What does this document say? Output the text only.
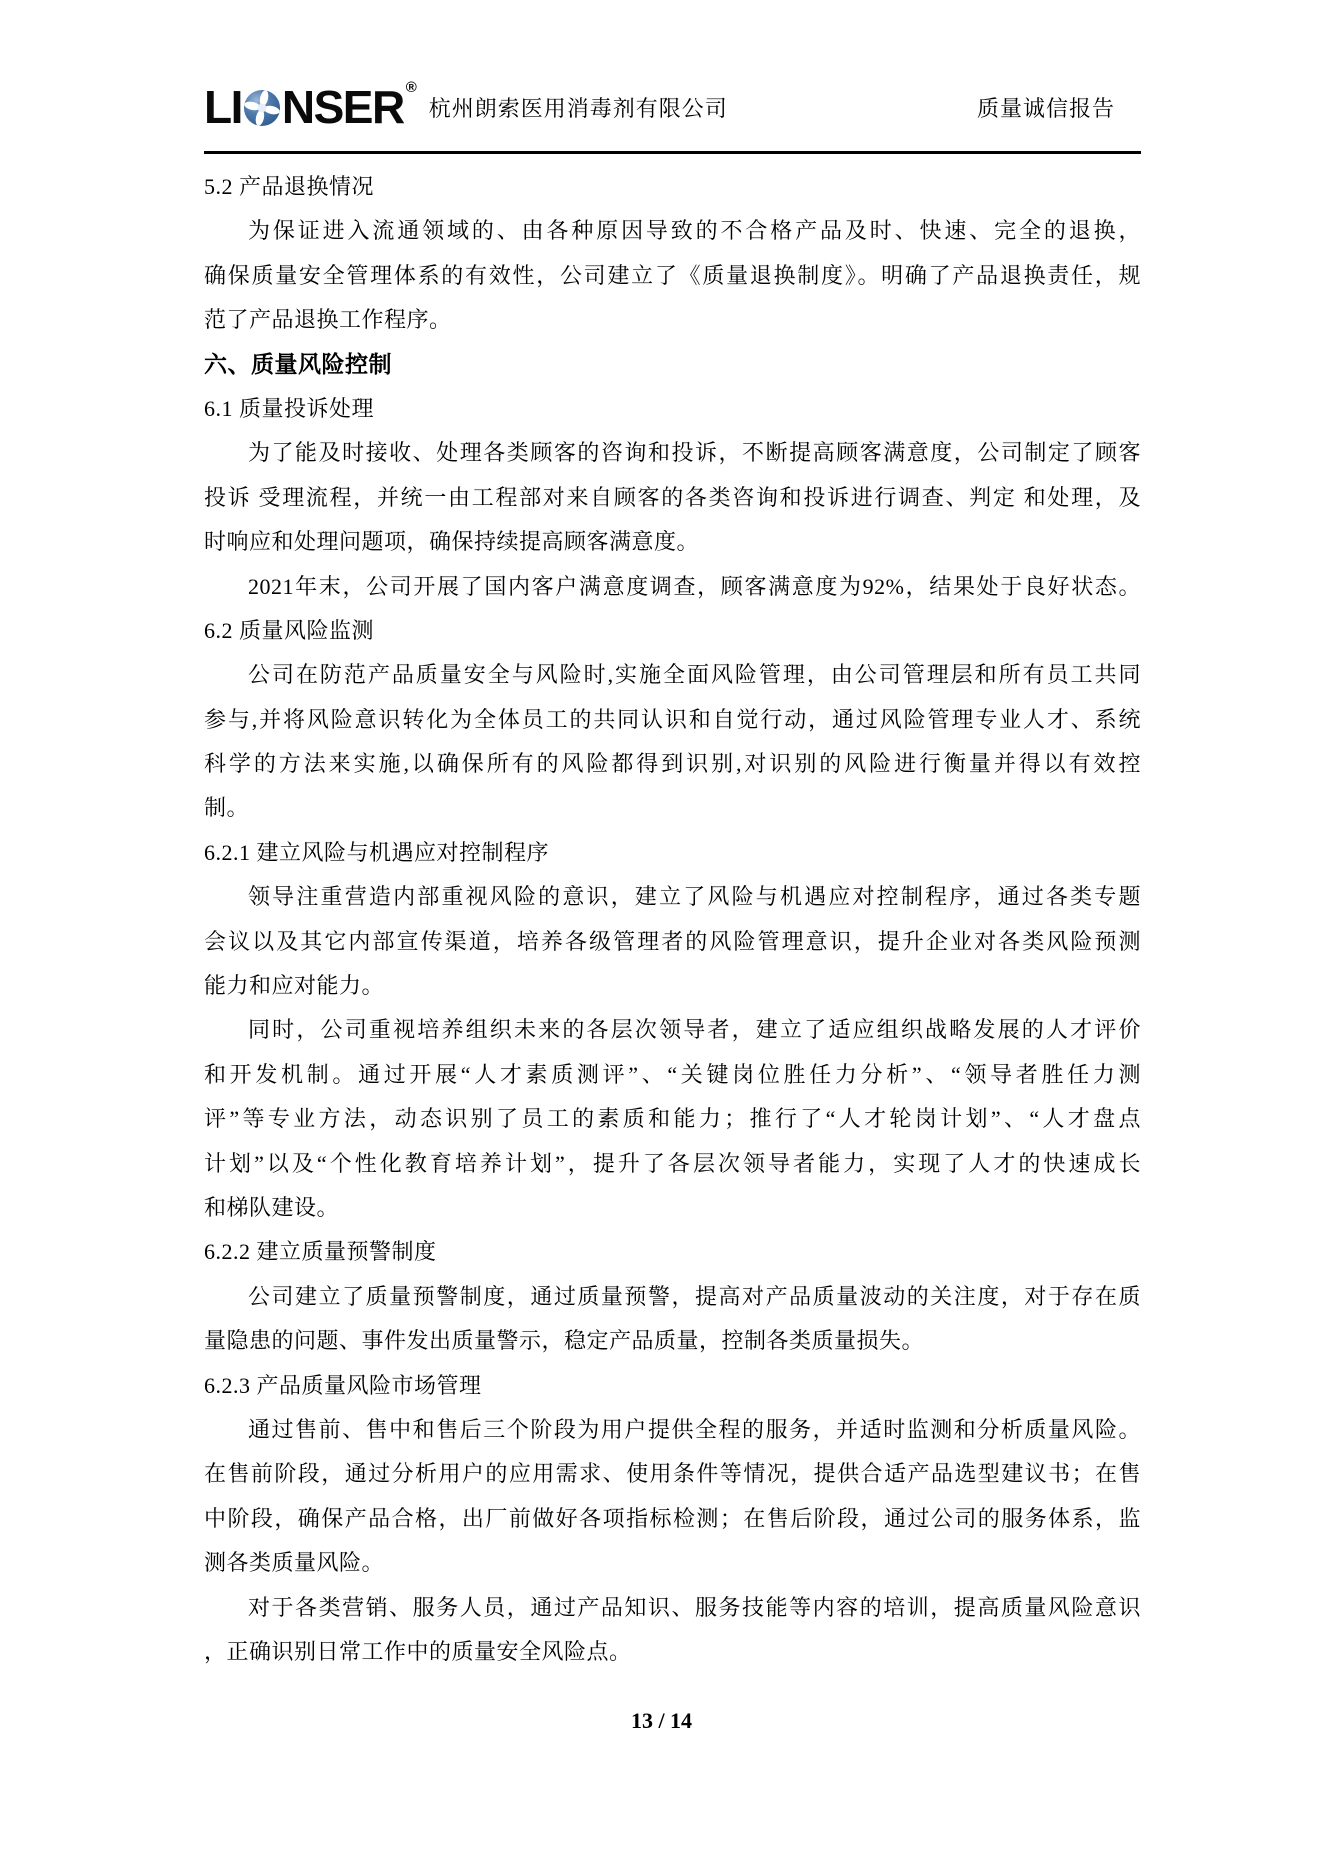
LI NSER ®
杭州朗索医用消毒剂有限公司	质量诚信报告
5.2 产品退换情况
为保证进入流通领域的、由各种原因导致的不合格产品及时、快速、完全的退换，
确保质量安全管理体系的有效性，公司建立了《质量退换制度》。明确了产品退换责任，规
范了产品退换工作程序。
六、质量风险控制
6.1 质量投诉处理
为了能及时接收、处理各类顾客的咨询和投诉，不断提高顾客满意度，公司制定了顾客
投诉 受理流程，并统一由工程部对来自顾客的各类咨询和投诉进行调查、判定 和处理，及
时响应和处理问题项，确保持续提高顾客满意度。
2021年末，公司开展了国内客户满意度调查，顾客满意度为92%，结果处于良好状态。
6.2 质量风险监测
公司在防范产品质量安全与风险时,实施全面风险管理，由公司管理层和所有员工共同
参与,并将风险意识转化为全体员工的共同认识和自觉行动，通过风险管理专业人才、系统
科学的方法来实施,以确保所有的风险都得到识别,对识别的风险进行衡量并得以有效控
制。
6.2.1 建立风险与机遇应对控制程序
领导注重营造内部重视风险的意识，建立了风险与机遇应对控制程序，通过各类专题
会议以及其它内部宣传渠道，培养各级管理者的风险管理意识，提升企业对各类风险预测
能力和应对能力。
同时，公司重视培养组织未来的各层次领导者，建立了适应组织战略发展的人才评价
和开发机制。通过开展“人才素质测评”、“关键岗位胜任力分析”、“领导者胜任力测
评”等专业方法，动态识别了员工的素质和能力；推行了“人才轮岗计划”、“人才盘点
计划”以及“个性化教育培养计划”，提升了各层次领导者能力，实现了人才的快速成长
和梯队建设。
6.2.2 建立质量预警制度
公司建立了质量预警制度，通过质量预警，提高对产品质量波动的关注度，对于存在质
量隐患的问题、事件发出质量警示，稳定产品质量，控制各类质量损失。
6.2.3 产品质量风险市场管理
通过售前、售中和售后三个阶段为用户提供全程的服务，并适时监测和分析质量风险。
在售前阶段，通过分析用户的应用需求、使用条件等情况，提供合适产品选型建议书；在售
中阶段，确保产品合格，出厂前做好各项指标检测；在售后阶段，通过公司的服务体系，监
测各类质量风险。
对于各类营销、服务人员，通过产品知识、服务技能等内容的培训，提高质量风险意识
，正确识别日常工作中的质量安全风险点。
13 / 14
